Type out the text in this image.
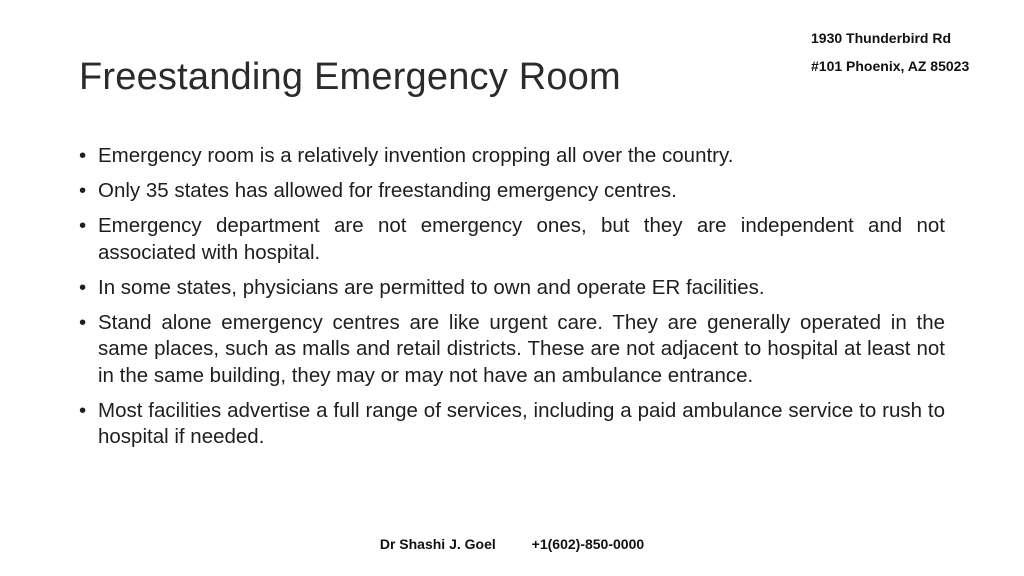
1930 Thunderbird Rd
#101 Phoenix, AZ 85023
Freestanding Emergency Room
• Emergency room is a relatively invention cropping all over the country.
• Only 35 states has allowed for freestanding emergency centres.
• Emergency department are not emergency ones, but they are independent and not associated with hospital.
• In some states, physicians are permitted to own and operate ER facilities.
• Stand alone emergency centres are like urgent care. They are generally operated in the same places, such as malls and retail districts. These are not adjacent to hospital at least not in the same building, they may or may not have an ambulance entrance.
• Most facilities advertise a full range of services, including a paid ambulance service to rush to hospital if needed.
Dr Shashi J. Goel	+1(602)-850-0000
